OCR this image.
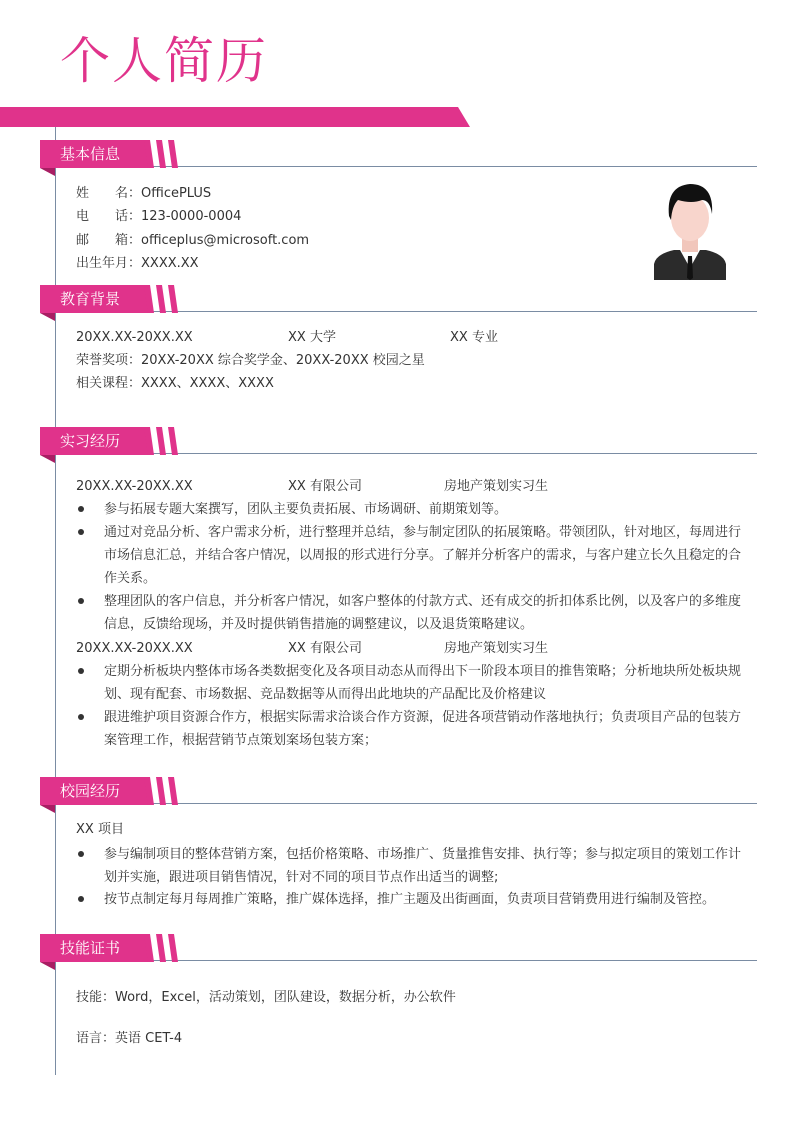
个人简历
基本信息
姓　　名：OfficePLUS
电　　话：123-0000-0004
邮　　箱：officeplus@microsoft.com
出生年月：XXXX.XX
教育背景
20XX.XX-20XX.XX	XX 大学	XX 专业
荣誉奖项：20XX-20XX 综合奖学金、20XX-20XX 校园之星
相关课程：XXXX、XXXX、XXXX
实习经历
20XX.XX-20XX.XX	XX 有限公司	房地产策划实习生
参与拓展专题大案撰写，团队主要负责拓展、市场调研、前期策划等。
通过对竞品分析、客户需求分析，进行整理并总结，参与制定团队的拓展策略。带领团队，针对地区，每周进行市场信息汇总，并结合客户情况，以周报的形式进行分享。了解并分析客户的需求，与客户建立长久且稳定的合作关系。
整理团队的客户信息，并分析客户情况，如客户整体的付款方式、还有成交的折扣体系比例，以及客户的多维度信息，反馈给现场，并及时提供销售措施的调整建议，以及退货策略建议。
20XX.XX-20XX.XX	XX 有限公司	房地产策划实习生
定期分析板块内整体市场各类数据变化及各项目动态从而得出下一阶段本项目的推售策略；分析地块所处板块规划、现有配套、市场数据、竞品数据等从而得出此地块的产品配比及价格建议
跟进维护项目资源合作方，根据实际需求洽谈合作方资源，促进各项营销动作落地执行；负责项目产品的包装方案管理工作，根据营销节点策划案场包装方案；
校园经历
XX 项目
参与编制项目的整体营销方案，包括价格策略、市场推广、货量推售安排、执行等；参与拟定项目的策划工作计划并实施，跟进项目销售情况，针对不同的项目节点作出适当的调整;
按节点制定每月每周推广策略，推广媒体选择，推广主题及出街画面，负责项目营销费用进行编制及管控。
技能证书
技能：Word，Excel，活动策划，团队建设，数据分析，办公软件
语言：英语 CET-4
